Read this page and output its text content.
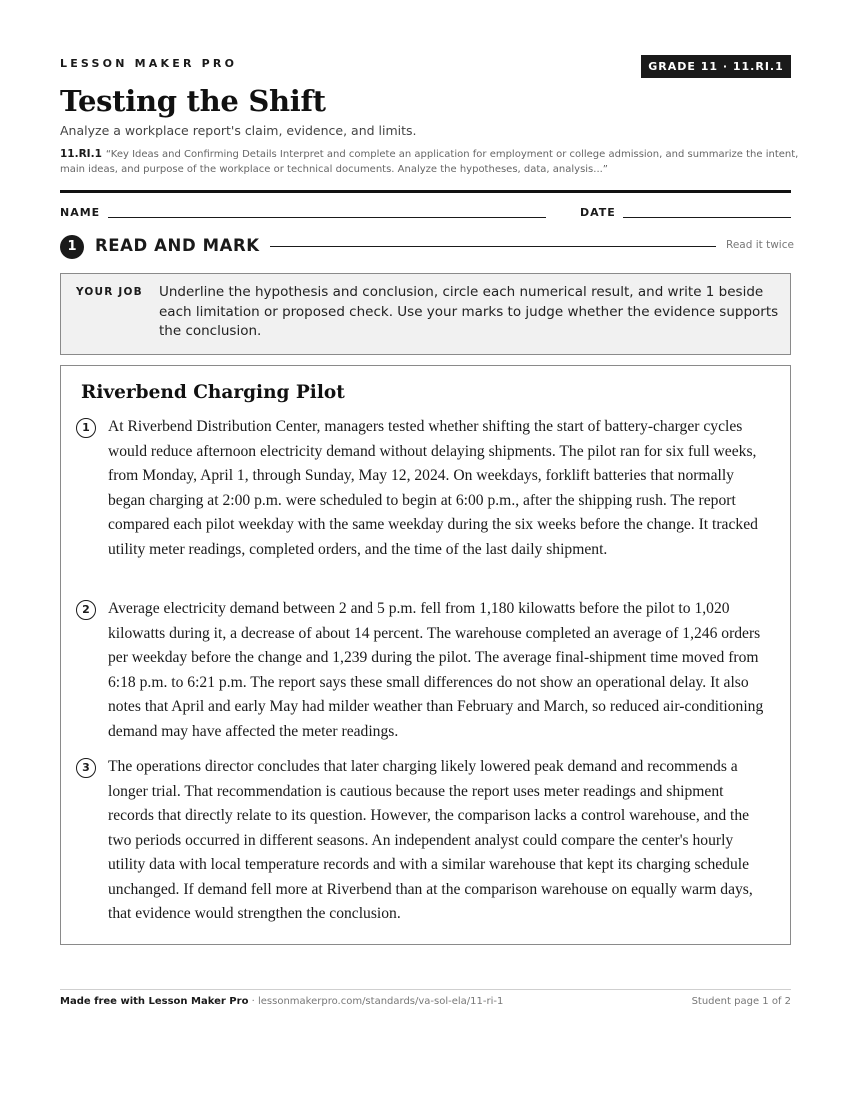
LESSON MAKER PRO	GRADE 11 · 11.RI.1
Testing the Shift
Analyze a workplace report's claim, evidence, and limits.
11.RI.1 “Key Ideas and Confirming Details Interpret and complete an application for employment or college admission, and summarize the intent, main ideas, and purpose of the workplace or technical documents. Analyze the hypotheses, data, analysis...”
NAME	DATE
1	READ AND MARK	Read it twice
YOUR JOB Underline the hypothesis and conclusion, circle each numerical result, and write 1 beside each limitation or proposed check. Use your marks to judge whether the evidence supports the conclusion.
Riverbend Charging Pilot
1	At Riverbend Distribution Center, managers tested whether shifting the start of battery-charger cycles would reduce afternoon electricity demand without delaying shipments. The pilot ran for six full weeks, from Monday, April 1, through Sunday, May 12, 2024. On weekdays, forklift batteries that normally began charging at 2:00 p.m. were scheduled to begin at 6:00 p.m., after the shipping rush. The report compared each pilot weekday with the same weekday during the six weeks before the change. It tracked utility meter readings, completed orders, and the time of the last daily shipment.
2	Average electricity demand between 2 and 5 p.m. fell from 1,180 kilowatts before the pilot to 1,020 kilowatts during it, a decrease of about 14 percent. The warehouse completed an average of 1,246 orders per weekday before the change and 1,239 during the pilot. The average final-shipment time moved from 6:18 p.m. to 6:21 p.m. The report says these small differences do not show an operational delay. It also notes that April and early May had milder weather than February and March, so reduced air-conditioning demand may have affected the meter readings.
3	The operations director concludes that later charging likely lowered peak demand and recommends a longer trial. That recommendation is cautious because the report uses meter readings and shipment records that directly relate to its question. However, the comparison lacks a control warehouse, and the two periods occurred in different seasons. An independent analyst could compare the center's hourly utility data with local temperature records and with a similar warehouse that kept its charging schedule unchanged. If demand fell more at Riverbend than at the comparison warehouse on equally warm days, that evidence would strengthen the conclusion.
Made free with Lesson Maker Pro · lessonmakerpro.com/standards/va-sol-ela/11-ri-1	Student page 1 of 2
